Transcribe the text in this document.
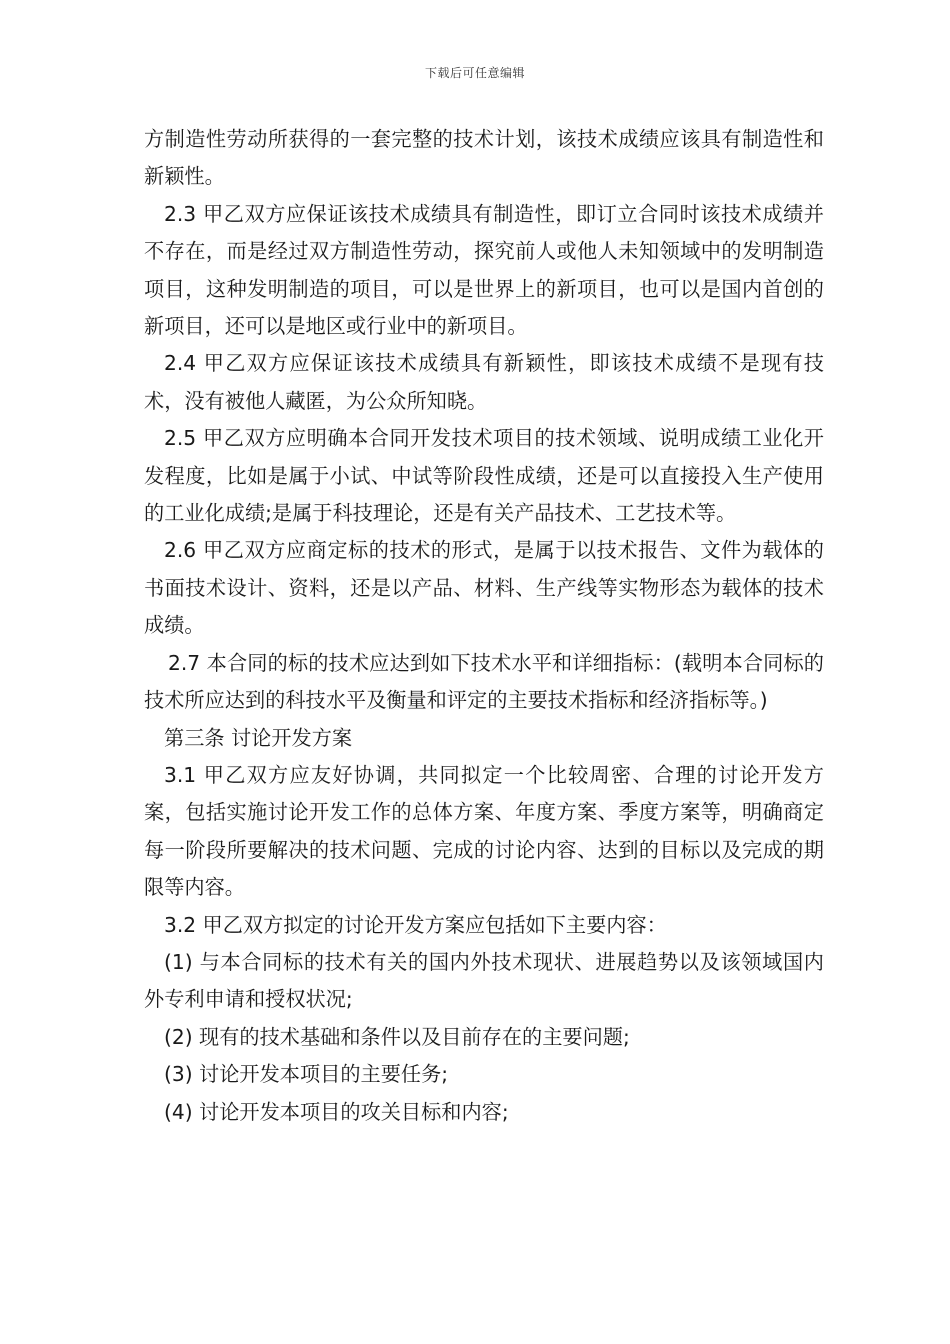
下载后可任意编辑

方制造性劳动所获得的一套完整的技术计划，该技术成绩应该具有制造性和新颖性。

2.3 甲乙双方应保证该技术成绩具有制造性，即订立合同时该技术成绩并不存在，而是经过双方制造性劳动，探究前人或他人未知领域中的发明制造项目，这种发明制造的项目，可以是世界上的新项目，也可以是国内首创的新项目，还可以是地区或行业中的新项目。

2.4 甲乙双方应保证该技术成绩具有新颖性，即该技术成绩不是现有技术，没有被他人藏匿，为公众所知晓。

2.5 甲乙双方应明确本合同开发技术项目的技术领域、说明成绩工业化开发程度，比如是属于小试、中试等阶段性成绩，还是可以直接投入生产使用的工业化成绩;是属于科技理论，还是有关产品技术、工艺技术等。

2.6 甲乙双方应商定标的技术的形式，是属于以技术报告、文件为载体的书面技术设计、资料，还是以产品、材料、生产线等实物形态为载体的技术成绩。

2.7 本合同的标的技术应达到如下技术水平和详细指标：(载明本合同标的技术所应达到的科技水平及衡量和评定的主要技术指标和经济指标等。)

第三条 讨论开发方案

3.1 甲乙双方应友好协调，共同拟定一个比较周密、合理的讨论开发方案，包括实施讨论开发工作的总体方案、年度方案、季度方案等，明确商定每一阶段所要解决的技术问题、完成的讨论内容、达到的目标以及完成的期限等内容。

3.2 甲乙双方拟定的讨论开发方案应包括如下主要内容：

(1) 与本合同标的技术有关的国内外技术现状、进展趋势以及该领域国内外专利申请和授权状况;

(2) 现有的技术基础和条件以及目前存在的主要问题;

(3) 讨论开发本项目的主要任务;

(4) 讨论开发本项目的攻关目标和内容;
